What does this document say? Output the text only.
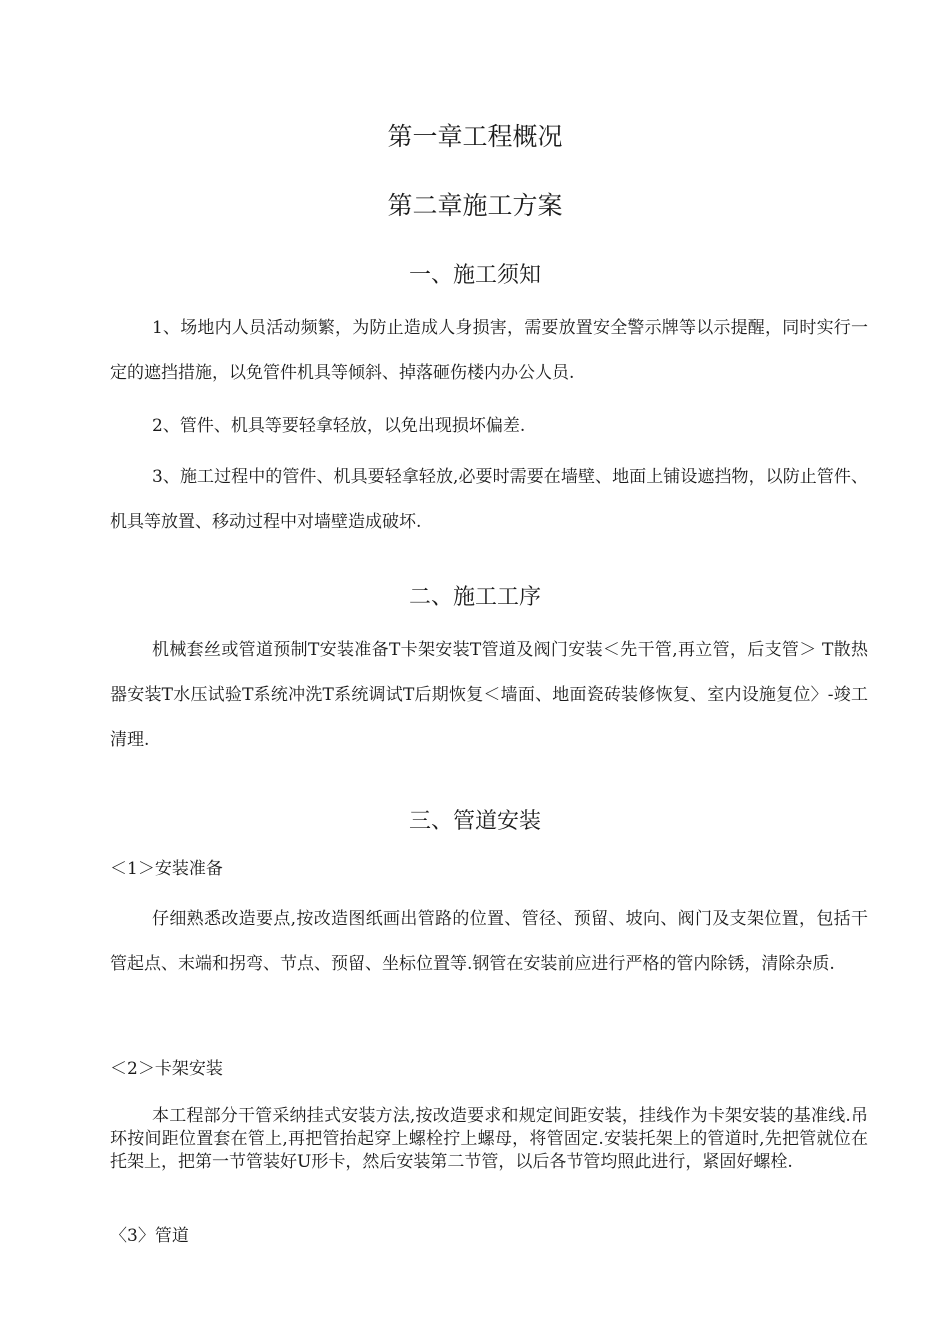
第一章工程概况
第二章施工方案
一、施工须知

1、场地内人员活动频繁，为防止造成人身损害，需要放置安全警示牌等以示提醒，同时实行一定的遮挡措施，以免管件机具等倾斜、掉落砸伤楼内办公人员.

2、管件、机具等要轻拿轻放，以免出现损坏偏差.

3、施工过程中的管件、机具要轻拿轻放,必要时需要在墙壁、地面上铺设遮挡物，以防止管件、机具等放置、移动过程中对墙壁造成破坏.

二、施工工序

机械套丝或管道预制T安装准备T卡架安装T管道及阀门安装＜先干管,再立管，后支管＞ T散热器安装T水压试验T系统冲洗T系统调试T后期恢复＜墙面、地面瓷砖装修恢复、室内设施复位〉-竣工清理.

三、管道安装
＜1＞安装准备

仔细熟悉改造要点,按改造图纸画出管路的位置、管径、预留、坡向、阀门及支架位置，包括干管起点、末端和拐弯、节点、预留、坐标位置等.钢管在安装前应进行严格的管内除锈，清除杂质.

＜2＞卡架安装

本工程部分干管采纳挂式安装方法,按改造要求和规定间距安装，挂线作为卡架安装的基准线.吊环按间距位置套在管上,再把管抬起穿上螺栓拧上螺母，将管固定.安装托架上的管道时,先把管就位在托架上，把第一节管装好U形卡，然后安装第二节管，以后各节管均照此进行，紧固好螺栓.

〈3〉管道
